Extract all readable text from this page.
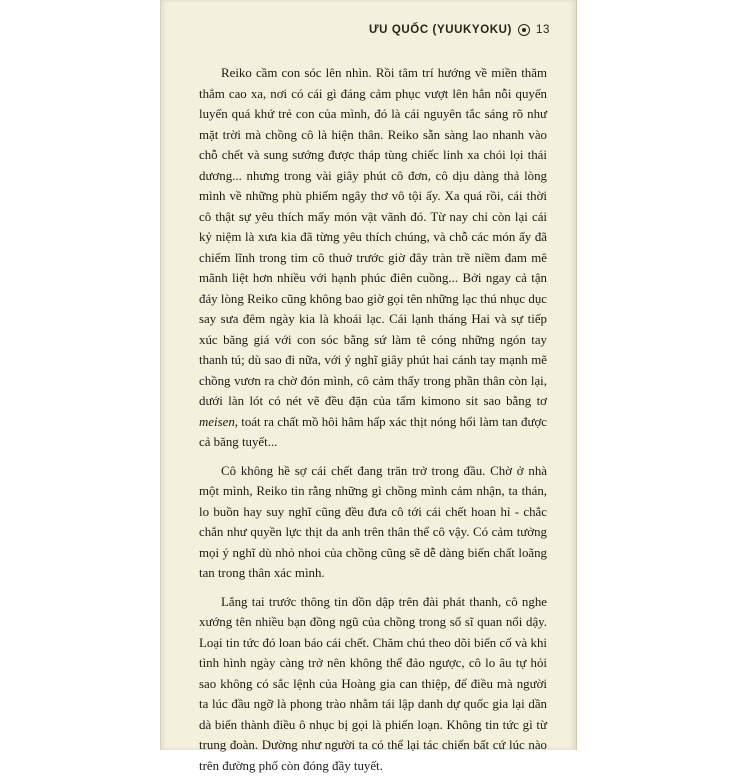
ƯU QUỐC (YUUKYOKU) 13

Reiko cầm con sóc lên nhìn. Rồi tâm trí hướng về miền thăm thẳm cao xa, nơi có cái gì đáng cảm phục vượt lên hẳn nỗi quyến luyến quá khứ trẻ con của mình, đó là cái nguyên tắc sáng rõ như mặt trời mà chồng cô là hiện thân. Reiko sẵn sàng lao nhanh vào chỗ chết và sung sướng được tháp tùng chiếc linh xa chói lọi thái dương... nhưng trong vài giây phút cô đơn, cô dịu dàng thả lòng mình về những phù phiếm ngây thơ vô tội ấy. Xa quá rồi, cái thời cô thật sự yêu thích mấy món vật vãnh đó. Từ nay chỉ còn lại cái kỷ niệm là xưa kia đã từng yêu thích chúng, và chỗ các món ấy đã chiếm lĩnh trong tim cô thuở trước giờ đây tràn trề niềm đam mê mãnh liệt hơn nhiều với hạnh phúc điên cuồng... Bởi ngay cả tận đáy lòng Reiko cũng không bao giờ gọi tên những lạc thú nhục dục say sưa đêm ngày kia là khoái lạc. Cái lạnh tháng Hai và sự tiếp xúc băng giá với con sóc bằng sứ làm tê cóng những ngón tay thanh tú; dù sao đi nữa, với ý nghĩ giây phút hai cánh tay mạnh mẽ chồng vươn ra chờ đón mình, cô cảm thấy trong phần thân còn lại, dưới làn lót có nét vẽ đều đặn của tấm kimono sit sao bằng tơ meisen, toát ra chất mồ hôi hâm hấp xác thịt nóng hổi làm tan được cả băng tuyết...

Cô không hề sợ cái chết đang trăn trở trong đầu. Chờ ở nhà một mình, Reiko tin rằng những gì chồng mình cảm nhận, ta thán, lo buồn hay suy nghĩ cũng đều đưa cô tới cái chết hoan hỉ - chắc chắn như quyền lực thịt da anh trên thân thể cô vậy. Có cảm tưởng mọi ý nghĩ dù nhỏ nhoi của chồng cũng sẽ dễ dàng biến chất loãng tan trong thân xác mình.

Lắng tai trước thông tin dồn dập trên đài phát thanh, cô nghe xướng tên nhiều bạn đồng ngũ của chồng trong số sĩ quan nổi dậy. Loại tin tức đó loan báo cái chết. Chăm chú theo dõi biến cố và khi tình hình ngày càng trở nên không thể đảo ngược, cô lo âu tự hỏi sao không có sắc lệnh của Hoàng gia can thiệp, để điều mà người ta lúc đầu ngỡ là phong trào nhằm tái lập danh dự quốc gia lại dần dà biến thành điều ô nhục bị gọi là phiến loạn. Không tin tức gì từ trung đoàn. Dường như người ta có thể lại tác chiến bất cứ lúc nào trên đường phố còn đóng đầy tuyết.
